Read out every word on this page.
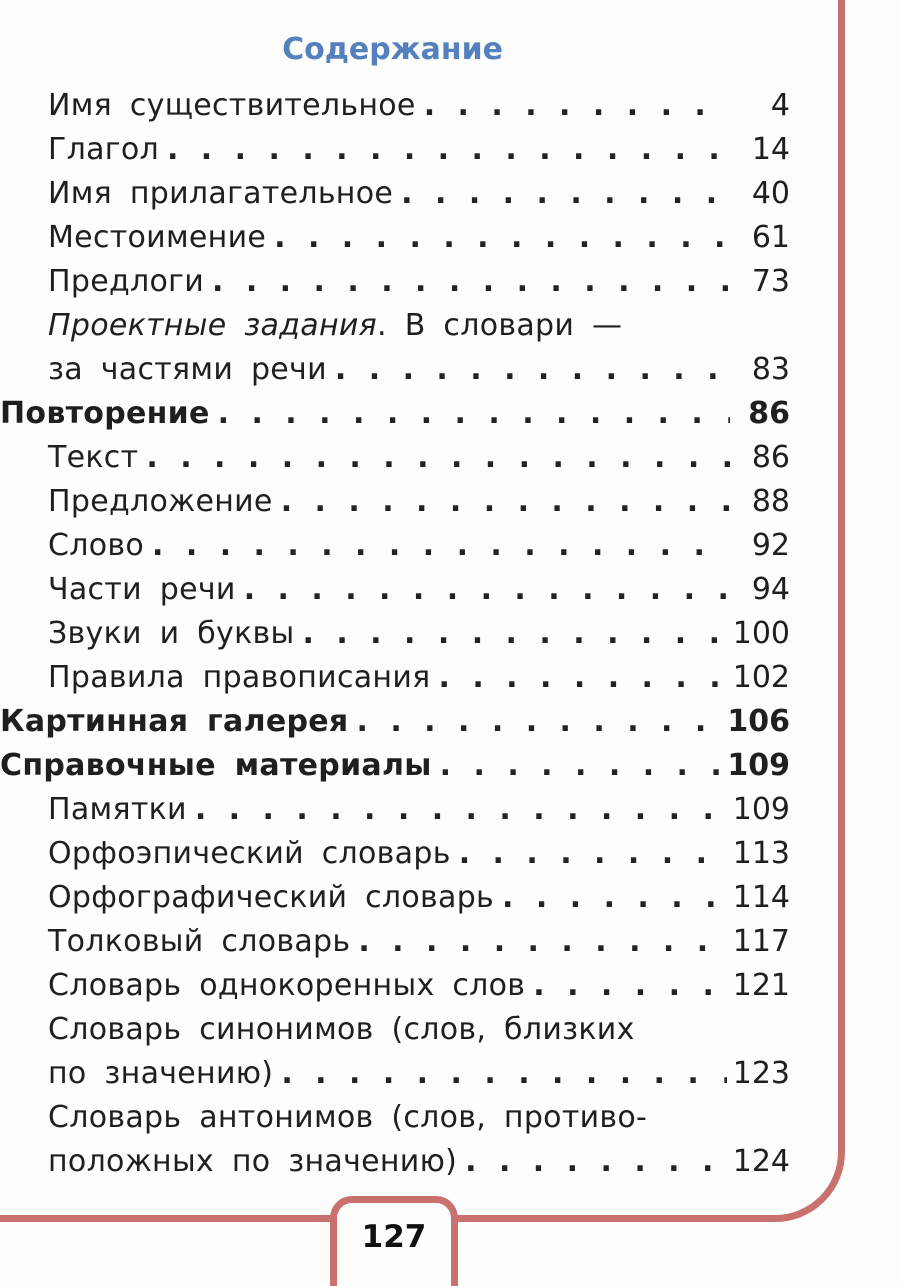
Содержание
Имя существительное . . .	4
Глагол . . .	14
Имя прилагательное . . .	40
Местоимение . . .	61
Предлоги . . .	73
Проектные задания. В словари —
за частями речи . . .	83
Повторение . . .	86
Текст . . .	86
Предложение . . .	88
Слово . . .	92
Части речи . . .	94
Звуки и буквы . . .	100
Правила правописания . . .	102
Картинная галерея . . .	106
Справочные материалы . . .	109
Памятки . . .	109
Орфоэпический словарь . . .	113
Орфографический словарь . . .	114
Толковый словарь . . .	117
Словарь однокоренных слов . . .	121
Словарь синонимов (слов, близких
по значению) . . .	123
Словарь антонимов (слов, противо-
положных по значению) . . .	124
127
